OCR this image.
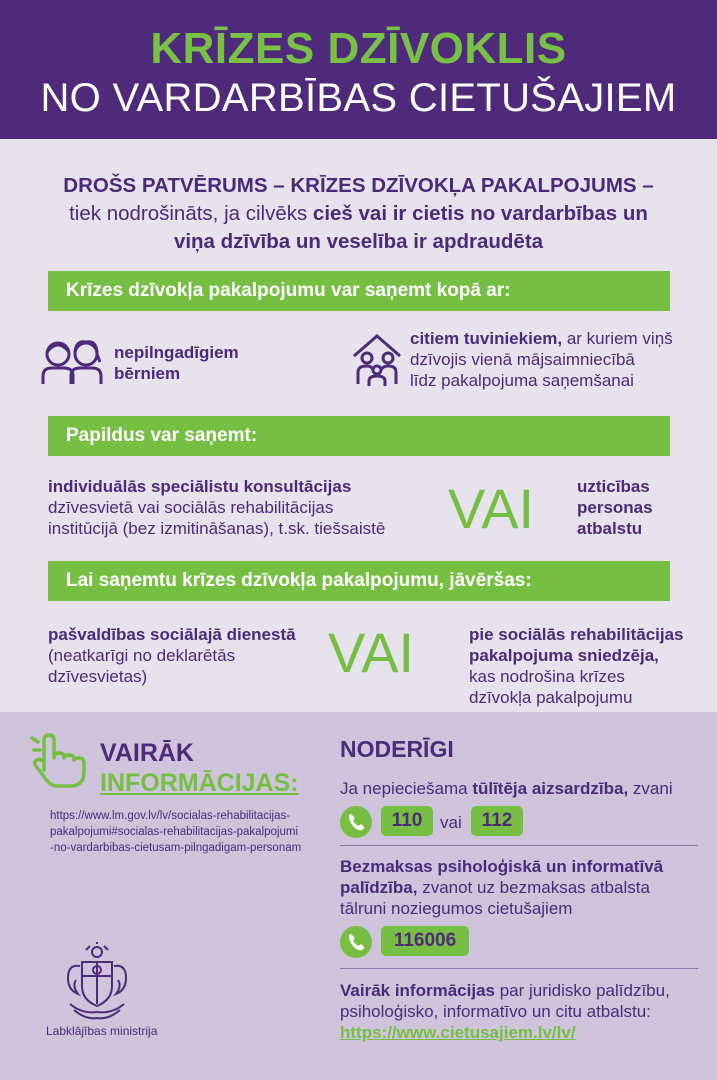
KRĪZES DZĪVOKLIS
NO VARDARBĪBAS CIETUŠAJIEM
DROŠS PATVĒRUMS – KRĪZES DZĪVOKĻA PAKALPOJUMS –
tiek nodrošināts, ja cilvēks cieš vai ir cietis no vardarbības un
viņa dzīvība un veselība ir apdraudēta
Krīzes dzīvokļa pakalpojumu var saņemt kopā ar:
nepilngadīgiem
bērniem
citiem tuviniekiem, ar kuriem viņš
dzīvojis vienā mājsaimniecībā
līdz pakalpojuma saņemšanai
Papildus var saņemt:
individuālās speciālistu konsultācijas
dzīvesvietā vai sociālās rehabilitācijas
institūcijā (bez izmitināšanas), t.sk. tiešsaistē VAI	uzticības
personas
atbalstu
Lai saņemtu krīzes dzīvokļa pakalpojumu, jāvēršas:
pašvaldības sociālajā dienestā
(neatkarīgi no deklarētās
dzīvesvietas)	VAI	pie sociālās rehabilitācijas
pakalpojuma sniedzēja,
kas nodrošina krīzes
dzīvokļa pakalpojumu
VAIRĀK
INFORMĀCIJAS:
https://www.lm.gov.lv/lv/socialas-rehabilitacijas-
pakalpojumi#socialas-rehabilitacijas-pakalpojumi
-no-vardarbibas-cietusam-pilngadigam-personam
Labklājības ministrija
NODERĪGI
Ja nepieciešama tūlītēja aizsardzība, zvani
110	vai	112
Bezmaksas psiholoģiskā un informatīvā
palīdzība, zvanot uz bezmaksas atbalsta
tālruni noziegumos cietušajiem
116006
Vairāk informācijas par juridisko palīdzību,
psiholoģisko, informatīvo un citu atbalstu:
https://www.cietusajiem.lv/lv/
